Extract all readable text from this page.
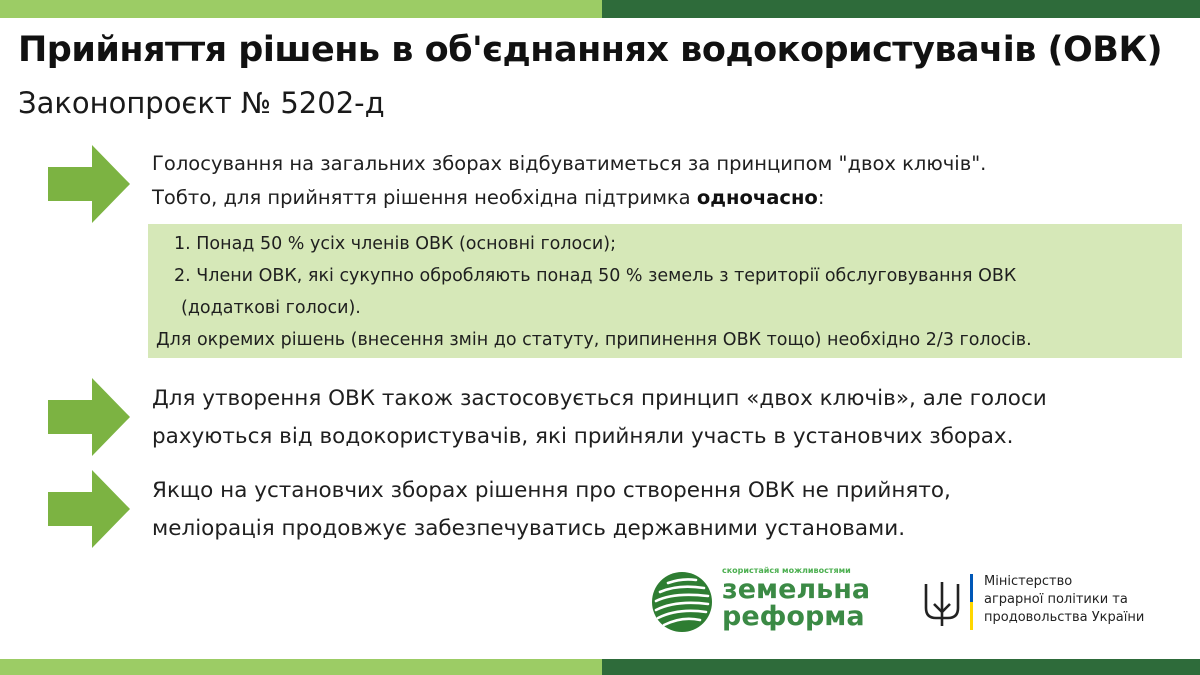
Прийняття рішень в об'єднаннях водокористувачів (ОВК)
Законопроєкт № 5202-д
Голосування на загальних зборах відбуватиметься за принципом "двох ключів".
Тобто, для прийняття рішення необхідна підтримка одночасно:
1. Понад 50 % усіх членів ОВК (основні голоси);
2. Члени ОВК, які сукупно обробляють понад 50 % земель з території обслуговування ОВК
(додаткові голоси).
Для окремих рішень (внесення змін до статуту, припинення ОВК тощо) необхідно 2/3 голосів.
Для утворення ОВК також застосовується принцип «двох ключів», але голоси
рахуються від водокористувачів, які прийняли участь в установчих зборах.
Якщо на установчих зборах рішення про створення ОВК не прийнято,
меліорація продовжує забезпечуватись державними установами.
скористайся можливостями
земельна
реформа
Міністерство
аграрної політики та
продовольства України
